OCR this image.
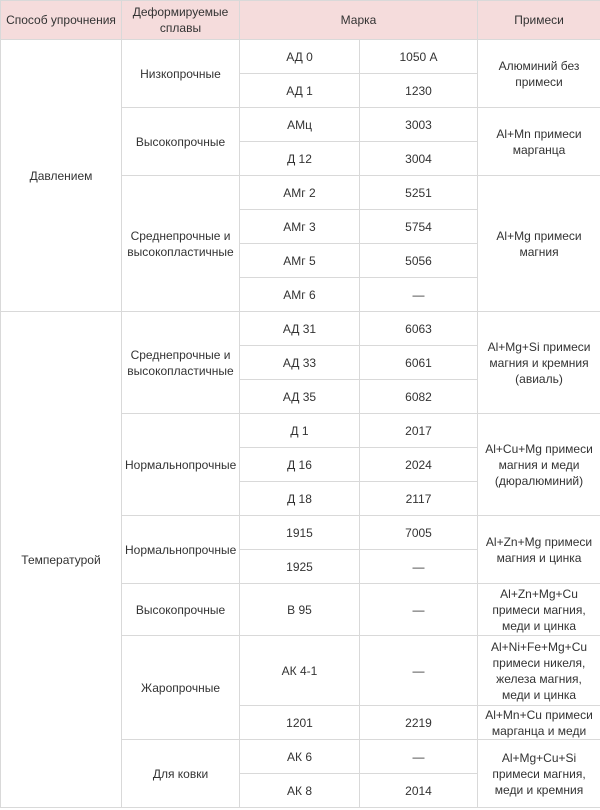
Способ упрочнения	Деформируемые сплавы	Марка		Примеси
Давлением	Низкопрочные	АД 0	1050 А	Алюминий без примеси
		АД 1	1230	
	Высокопрочные	АМц	3003	Al+Mn примеси марганца
		Д 12	3004	
	Среднепрочные и высокопластичные	АМг 2	5251	Al+Mg примеси магния
		АМг 3	5754	
		АМг 5	5056	
		АМг 6	—	
Температурой	Среднепрочные и высокопластичные	АД 31	6063	Al+Mg+Si примеси магния и кремния (авиаль)
		АД 33	6061	
		АД 35	6082	
	Нормальнопрочные	Д 1	2017	Al+Cu+Mg примеси магния и меди (дюралюминий)
		Д 16	2024	
		Д 18	2117	
	Нормальнопрочные	1915	7005	Al+Zn+Mg примеси магния и цинка
		1925	—	
	Высокопрочные	В 95	—	Al+Zn+Mg+Cu примеси магния, меди и цинка
	Жаропрочные	АК 4-1	—	Al+Ni+Fe+Mg+Cu примеси никеля, железа магния, меди и цинка
		1201	2219	Al+Mn+Cu примеси марганца и меди
	Для ковки	АК 6	—	Al+Mg+Cu+Si примеси магния, меди и кремния
		АК 8	2014	
